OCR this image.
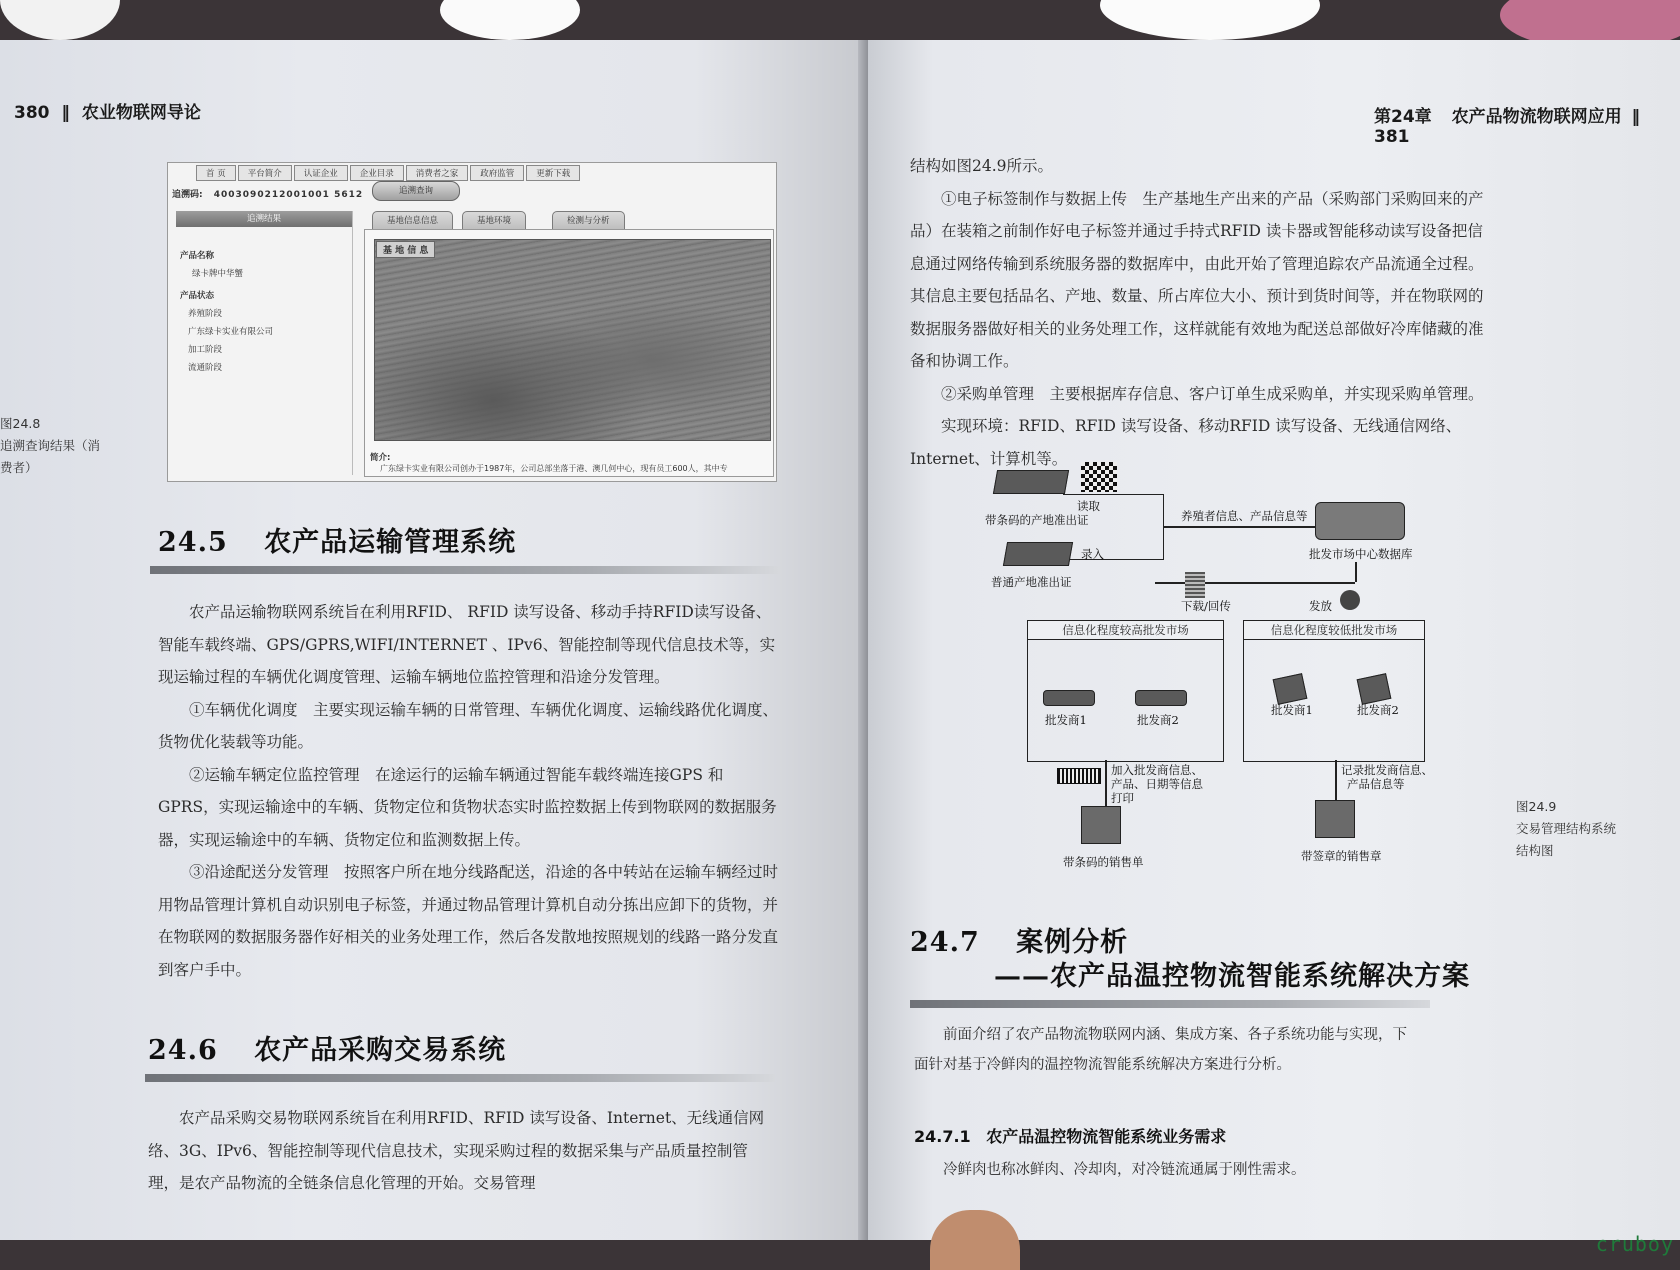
380 ‖ 农业物联网导论
首 页	平台简介	认证企业	企业目录	消费者之家	政府监管	更新下载
追溯码: 4003090212001001 5612	追溯查询
追溯结果
产品名称
绿卡牌中华蟹
产品状态
养殖阶段
广东绿卡实业有限公司
加工阶段
流通阶段
基地信息信息	基地环境	检测与分析
基 地 信 息
简介:
广东绿卡实业有限公司创办于1987年，公司总部坐落于港、澳几何中心，现有员工600人，其中专
图24.8
追溯查询结果（消
费者）
24.5 农产品运输管理系统

农产品运输物联网系统旨在利用RFID、 RFID 读写设备、移动手持RFID读写设备、智能车载终端、GPS/GPRS,WIFI/INTERNET 、IPv6、智能控制等现代信息技术等，实现运输过程的车辆优化调度管理、运输车辆地位监控管理和沿途分发管理。

①车辆优化调度　主要实现运输车辆的日常管理、车辆优化调度、运输线路优化调度、货物优化装载等功能。

②运输车辆定位监控管理　在途运行的运输车辆通过智能车载终端连接GPS 和GPRS，实现运输途中的车辆、货物定位和货物状态实时监控数据上传到物联网的数据服务器，实现运输途中的车辆、货物定位和监测数据上传。

③沿途配送分发管理　按照客户所在地分线路配送，沿途的各中转站在运输车辆经过时用物品管理计算机自动识别电子标签，并通过物品管理计算机自动分拣出应卸下的货物，并在物联网的数据服务器作好相关的业务处理工作，然后各发散地按照规划的线路一路分发直到客户手中。

24.6 农产品采购交易系统

农产品采购交易物联网系统旨在利用RFID、RFID 读写设备、Internet、无线通信网络、3G、IPv6、智能控制等现代信息技术，实现采购过程的数据采集与产品质量控制管理，是农产品物流的全链条信息化管理的开始。交易管理

第24章 农产品物流物联网应用 ‖ 381

结构如图24.9所示。

①电子标签制作与数据上传　生产基地生产出来的产品（采购部门采购回来的产品）在装箱之前制作好电子标签并通过手持式RFID 读卡器或智能移动读写设备把信息通过网络传输到系统服务器的数据库中，由此开始了管理追踪农产品流通全过程。其信息主要包括品名、产地、数量、所占库位大小、预计到货时间等，并在物联网的数据服务器做好相关的业务处理工作，这样就能有效地为配送总部做好冷库储藏的准备和协调工作。

②采购单管理　主要根据库存信息、客户订单生成采购单，并实现采购单管理。

实现环境：RFID、RFID 读写设备、移动RFID 读写设备、无线通信网络、Internet、计算机等。

读取
带条码的产地准出证	养殖者信息、产品信息等
录入
普通产地准出证
批发市场中心数据库
下载/回传	发放
信息化程度较高批发市场	信息化程度较低批发市场
批发商1	批发商2
批发商1	批发商2
加入批发商信息、
产品、日期等信息
打印
带条码的销售单
记录批发商信息、
产品信息等
带签章的销售章
图24.9
交易管理结构系统
结构图
24.7 案例分析
——农产品温控物流智能系统解决方案

前面介绍了农产品物流物联网内涵、集成方案、各子系统功能与实现，下

面针对基于冷鲜肉的温控物流智能系统解决方案进行分析。

24.7.1 农产品温控物流智能系统业务需求

冷鲜肉也称冰鲜肉、冷却肉，对冷链流通属于刚性需求。

cruboy
